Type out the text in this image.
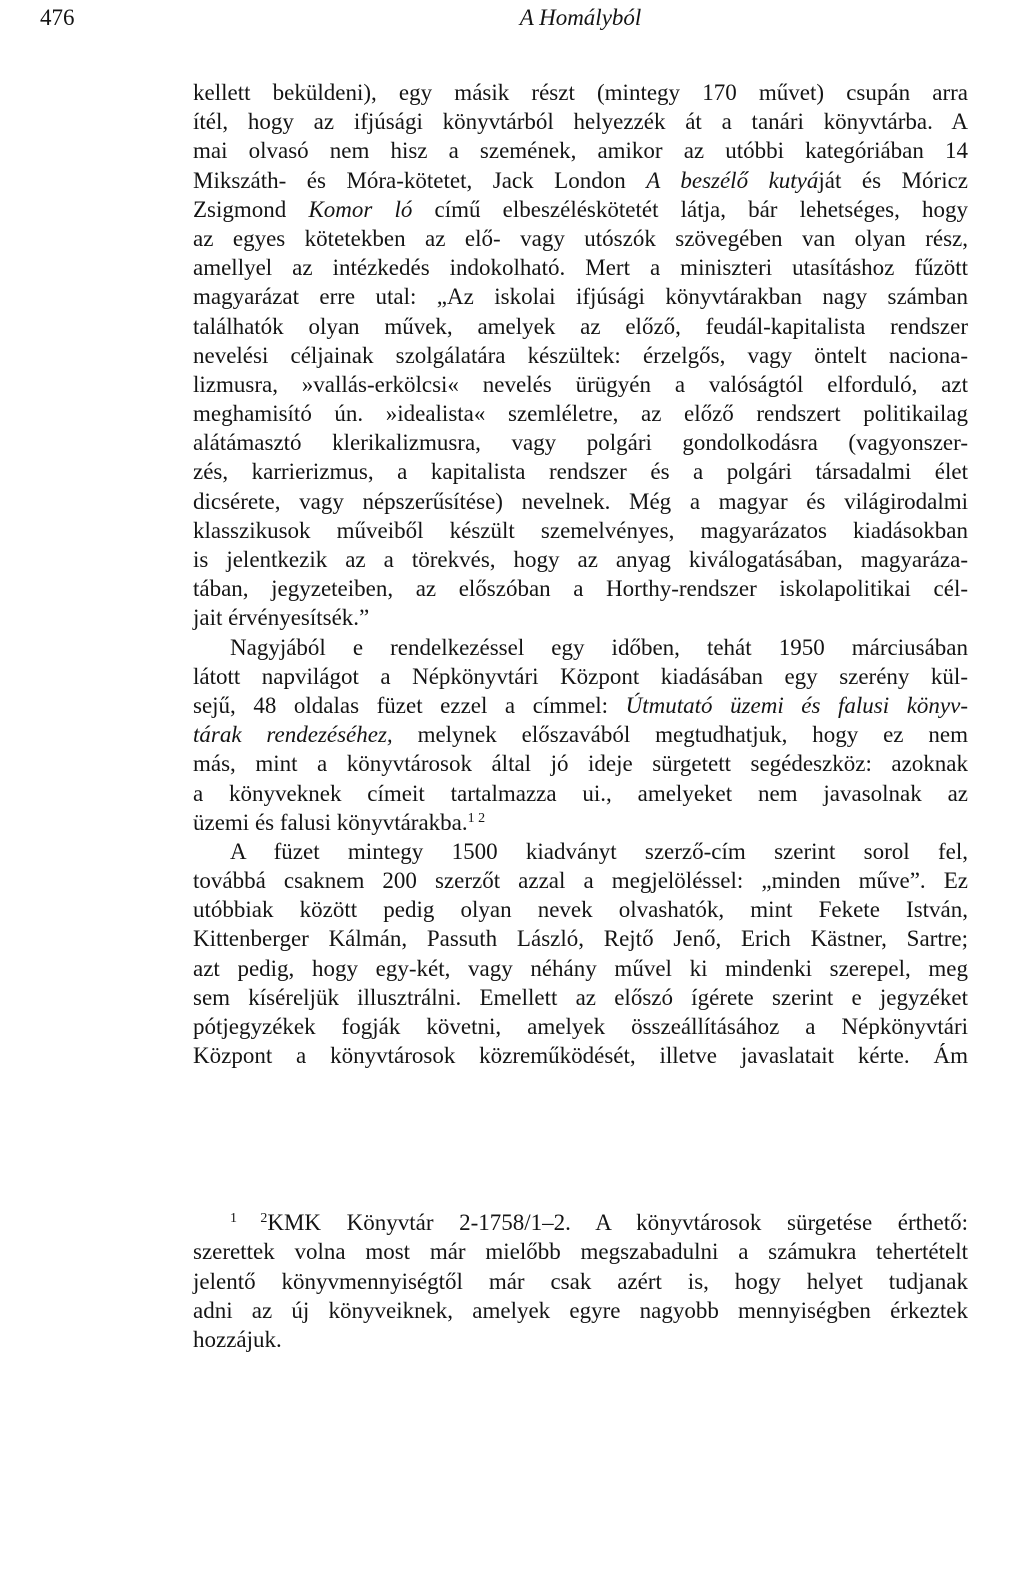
476	A Homályból
kellett beküldeni), egy másik részt (mintegy 170 művet) csupán arra
ítél, hogy az ifjúsági könyvtárból helyezzék át a tanári könyvtárba. A
mai olvasó nem hisz a szemének, amikor az utóbbi kategóriában 14
Mikszáth- és Móra-kötetet, Jack London A beszélő kutyáját és Móricz
Zsigmond Komor ló című elbeszéléskötetét látja, bár lehetséges, hogy
az egyes kötetekben az elő- vagy utószók szövegében van olyan rész,
amellyel az intézkedés indokolható. Mert a miniszteri utasításhoz fűzött
magyarázat erre utal: „Az iskolai ifjúsági könyvtárakban nagy számban
találhatók olyan művek, amelyek az előző, feudál-kapitalista rendszer
nevelési céljainak szolgálatára készültek: érzelgős, vagy öntelt naciona-
lizmusra, »vallás-erkölcsi« nevelés ürügyén a valóságtól elforduló, azt
meghamisító ún. »idealista« szemléletre, az előző rendszert politikailag
alátámasztó klerikalizmusra, vagy polgári gondolkodásra (vagyonszer-
zés, karrierizmus, a kapitalista rendszer és a polgári társadalmi élet
dicsérete, vagy népszerűsítése) nevelnek. Még a magyar és világirodalmi
klasszikusok műveiből készült szemelvényes, magyarázatos kiadásokban
is jelentkezik az a törekvés, hogy az anyag kiválogatásában, magyaráza-
tában, jegyzeteiben, az előszóban a Horthy-rendszer iskolapolitikai cél-
jait érvényesítsék.”
Nagyjából e rendelkezéssel egy időben, tehát 1950 márciusában
látott napvilágot a Népkönyvtári Központ kiadásában egy szerény kül-
sejű, 48 oldalas füzet ezzel a címmel: Útmutató üzemi és falusi könyv-
tárak rendezéséhez, melynek előszavából megtudhatjuk, hogy ez nem
más, mint a könyvtárosok által jó ideje sürgetett segédeszköz: azoknak
a könyveknek címeit tartalmazza ui., amelyeket nem javasolnak az
üzemi és falusi könyvtárakba.$^{1 2}$
A füzet mintegy 1500 kiadványt szerző-cím szerint sorol fel,
továbbá csaknem 200 szerzőt azzal a megjelöléssel: „minden műve”. Ez
utóbbiak között pedig olyan nevek olvashatók, mint Fekete István,
Kittenberger Kálmán, Passuth László, Rejtő Jenő, Erich Kästner, Sartre;
azt pedig, hogy egy-két, vagy néhány művel ki mindenki szerepel, meg
sem kíséreljük illusztrálni. Emellett az előszó ígérete szerint e jegyzéket
pótjegyzékek fogják követni, amelyek összeállításához a Népkönyvtári
Központ a könyvtárosok közreműködését, illetve javaslatait kérte. Ám
$^{1 2}$KMK Könyvtár 2-1758/1–2. A könyvtárosok sürgetése érthető:
szerettek volna most már mielőbb megszabadulni a számukra tehertételt
jelentő könyvmennyiségtől már csak azért is, hogy helyet tudjanak
adni az új könyveiknek, amelyek egyre nagyobb mennyiségben érkeztek
hozzájuk.
